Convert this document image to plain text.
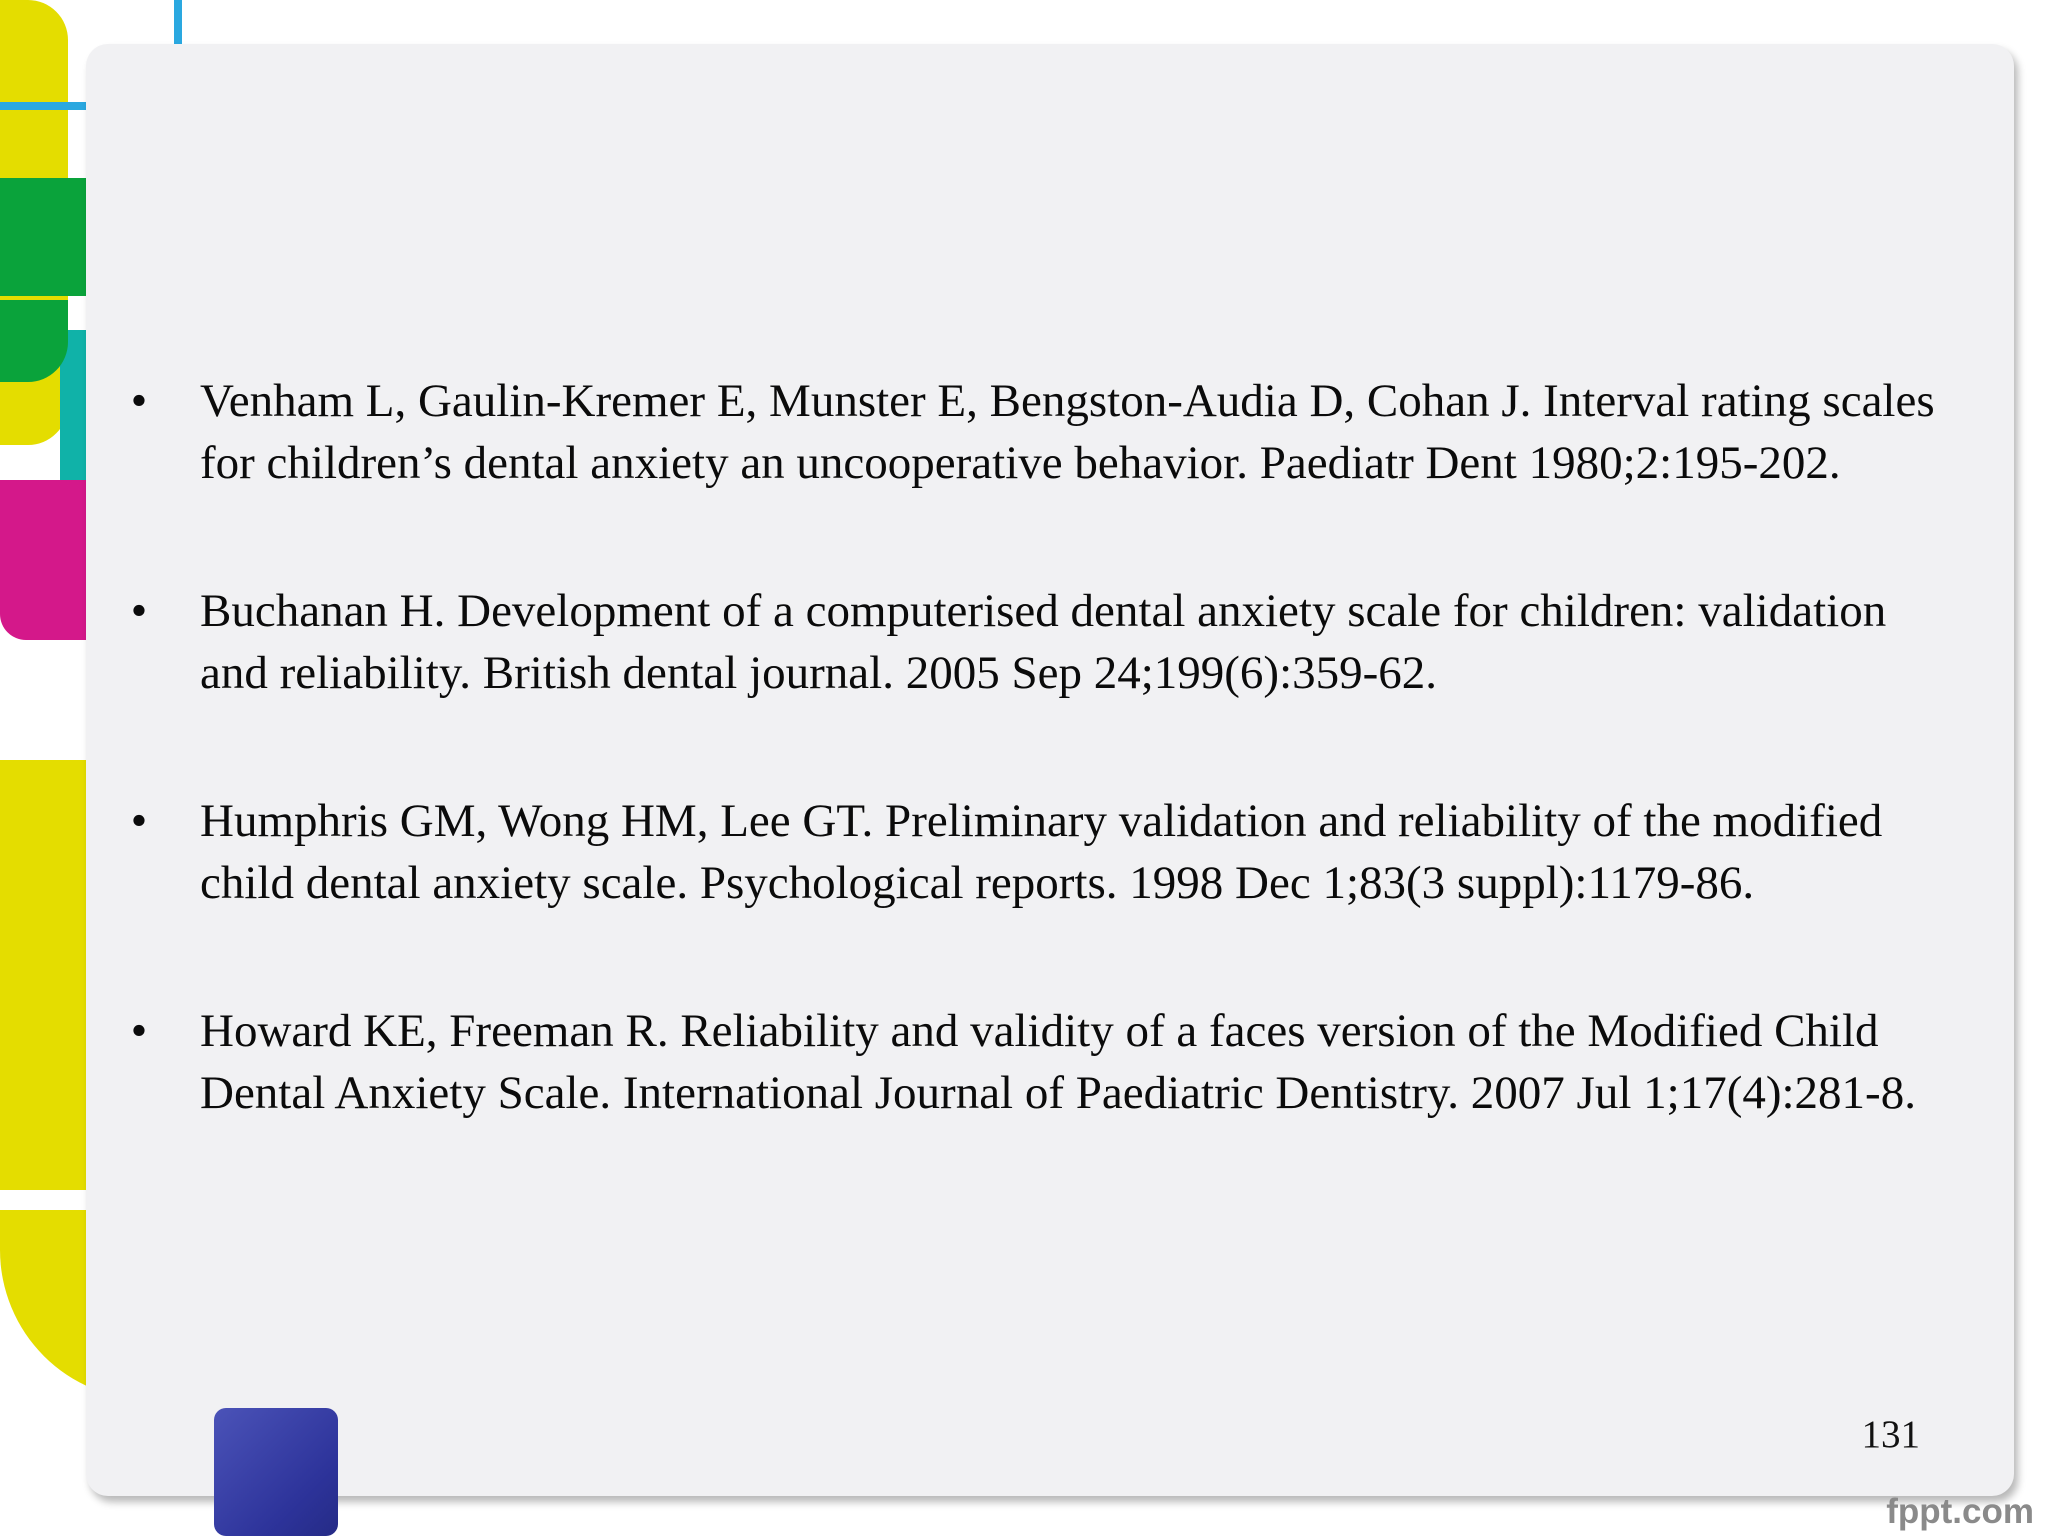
• Venham L, Gaulin-Kremer E, Munster E, Bengston-Audia D, Cohan J. Interval rating scales for children’s dental anxiety an uncooperative behavior. Paediatr Dent 1980;2:195-202.
• Buchanan H. Development of a computerised dental anxiety scale for children: validation and reliability. British dental journal. 2005 Sep 24;199(6):359-62.
• Humphris GM, Wong HM, Lee GT. Preliminary validation and reliability of the modified child dental anxiety scale. Psychological reports. 1998 Dec 1;83(3 suppl):1179-86.
• Howard KE, Freeman R. Reliability and validity of a faces version of the Modified Child Dental Anxiety Scale. International Journal of Paediatric Dentistry. 2007 Jul 1;17(4):281-8.
131
fppt.com
